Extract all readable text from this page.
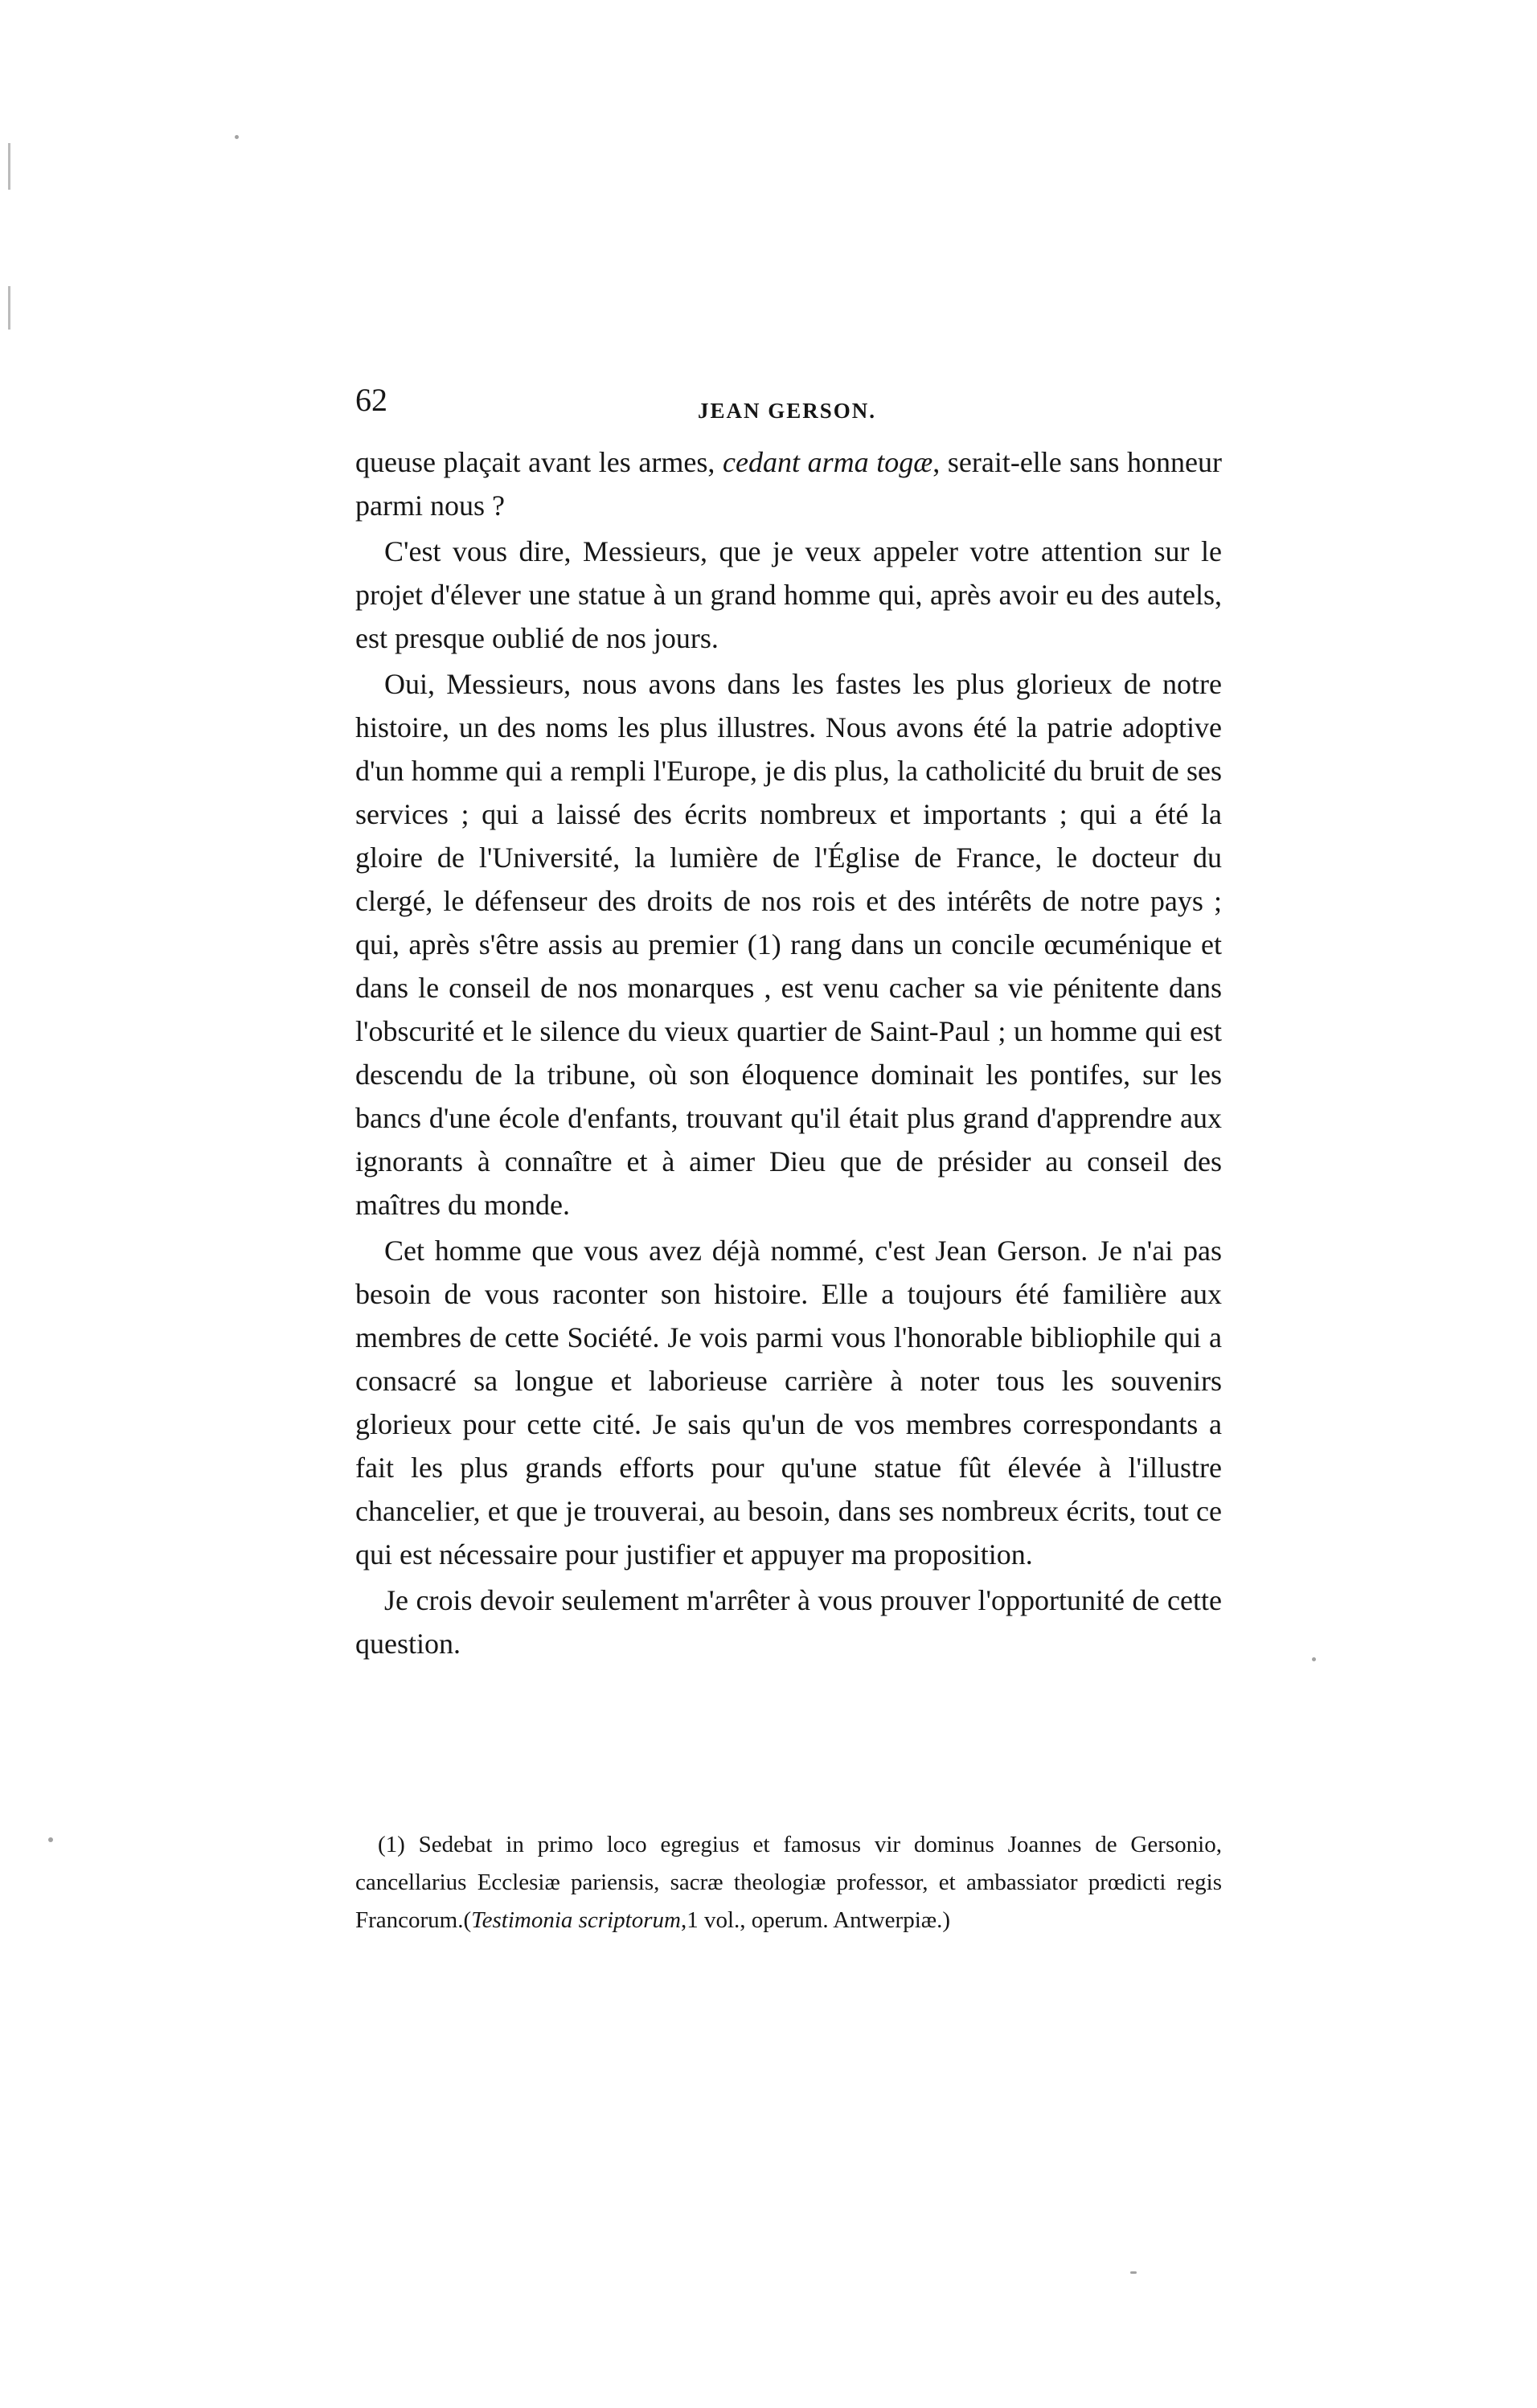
62	JEAN GERSON.

queuse plaçait avant les armes, cedant arma togæ, serait-elle sans honneur parmi nous ?

C'est vous dire, Messieurs, que je veux appeler votre attention sur le projet d'élever une statue à un grand homme qui, après avoir eu des autels, est presque oublié de nos jours.

Oui, Messieurs, nous avons dans les fastes les plus glorieux de notre histoire, un des noms les plus illustres. Nous avons été la patrie adoptive d'un homme qui a rempli l'Europe, je dis plus, la catholicité du bruit de ses services ; qui a laissé des écrits nombreux et importants ; qui a été la gloire de l'Université, la lumière de l'Église de France, le docteur du clergé, le défenseur des droits de nos rois et des intérêts de notre pays ; qui, après s'être assis au premier (1) rang dans un concile œcuménique et dans le conseil de nos monarques , est venu cacher sa vie pénitente dans l'obscurité et le silence du vieux quartier de Saint-Paul ; un homme qui est descendu de la tribune, où son éloquence dominait les pontifes, sur les bancs d'une école d'enfants, trouvant qu'il était plus grand d'apprendre aux ignorants à connaître et à aimer Dieu que de présider au conseil des maîtres du monde.

Cet homme que vous avez déjà nommé, c'est Jean Gerson. Je n'ai pas besoin de vous raconter son histoire. Elle a toujours été familière aux membres de cette Société. Je vois parmi vous l'honorable bibliophile qui a consacré sa longue et laborieuse carrière à noter tous les souvenirs glorieux pour cette cité. Je sais qu'un de vos membres correspondants a fait les plus grands efforts pour qu'une statue fût élevée à l'illustre chancelier, et que je trouverai, au besoin, dans ses nombreux écrits, tout ce qui est nécessaire pour justifier et appuyer ma proposition.

Je crois devoir seulement m'arrêter à vous prouver l'opportunité de cette question.

(1) Sedebat in primo loco egregius et famosus vir dominus Joannes de Gersonio, cancellarius Ecclesiæ pariensis, sacræ theologiæ professor, et ambassiator prœdicti regis Francorum.(Testimonia scriptorum,1 vol., operum. Antwerpiæ.)
